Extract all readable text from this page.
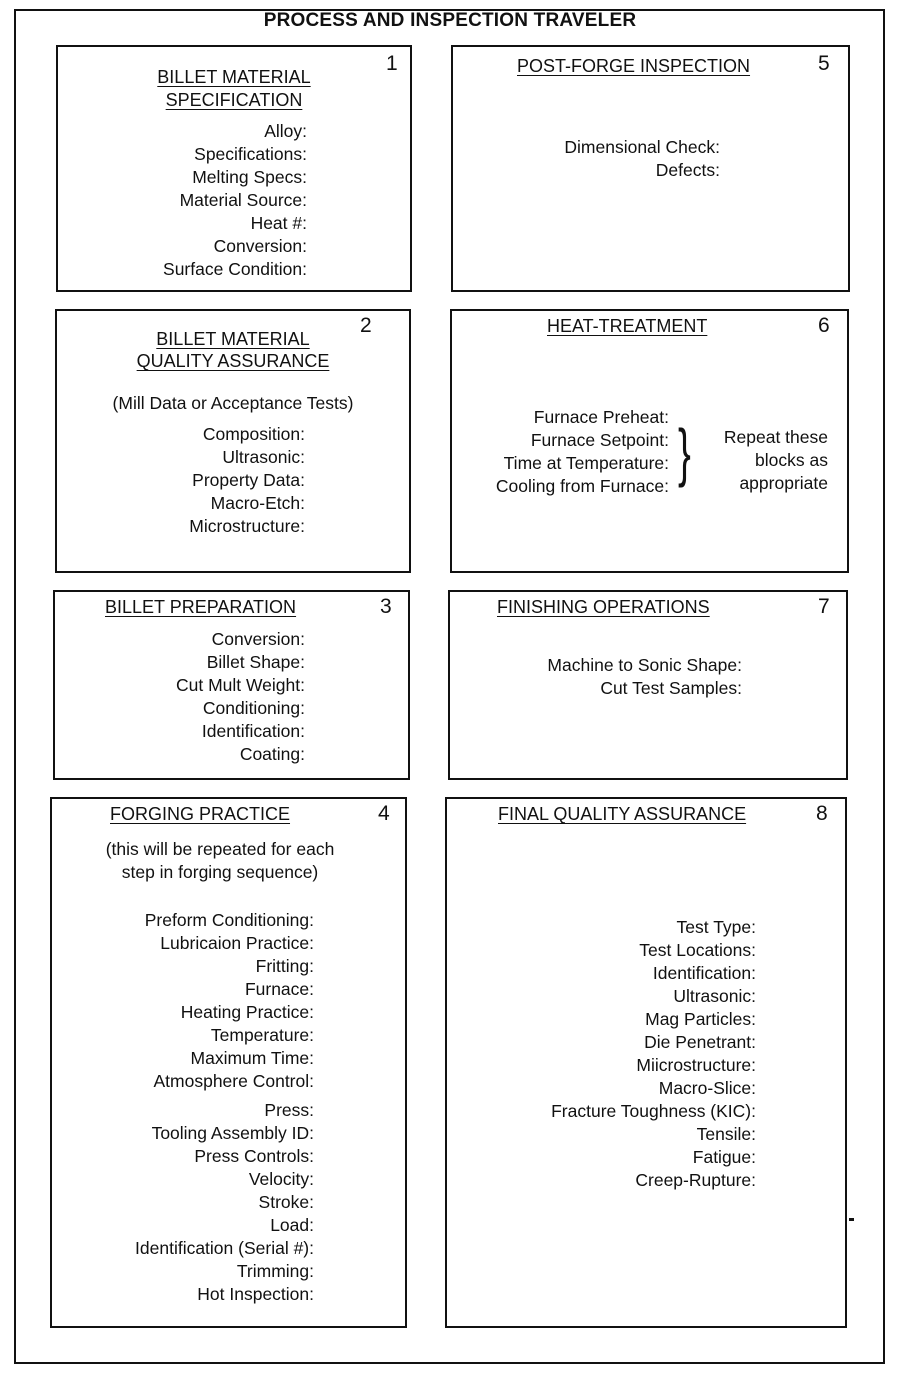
PROCESS AND INSPECTION TRAVELER
BILLET MATERIAL
SPECIFICATION
1
Alloy:
Specifications:
Melting Specs:
Material Source:
Heat #:
Conversion:
Surface Condition:
POST-FORGE INSPECTION	5
Dimensional Check:
Defects:
BILLET MATERIAL
QUALITY ASSURANCE
2
(Mill Data or Acceptance Tests)
Composition:
Ultrasonic:
Property Data:
Macro-Etch:
Microstructure:
HEAT-TREATMENT	6
Furnace Preheat:
Furnace Setpoint:
Time at Temperature:
Cooling from Furnace: } Repeat these
blocks as
appropriate
BILLET PREPARATION	3
Conversion:
Billet Shape:
Cut Mult Weight:
Conditioning:
Identification:
Coating:
FINISHING OPERATIONS	7
Machine to Sonic Shape:
Cut Test Samples:
FORGING PRACTICE	4
(this will be repeated for each
step in forging sequence)
Preform Conditioning:
Lubricaion Practice:
Fritting:
Furnace:
Heating Practice:
Temperature:
Maximum Time:
Atmosphere Control:
Press:
Tooling Assembly ID:
Press Controls:
Velocity:
Stroke:
Load:
Identification (Serial #):
Trimming:
Hot Inspection:
FINAL QUALITY ASSURANCE	8
Test Type:
Test Locations:
Identification:
Ultrasonic:
Mag Particles:
Die Penetrant:
Miicrostructure:
Macro-Slice:
Fracture Toughness (KIC):
Tensile:
Fatigue:
Creep-Rupture:
